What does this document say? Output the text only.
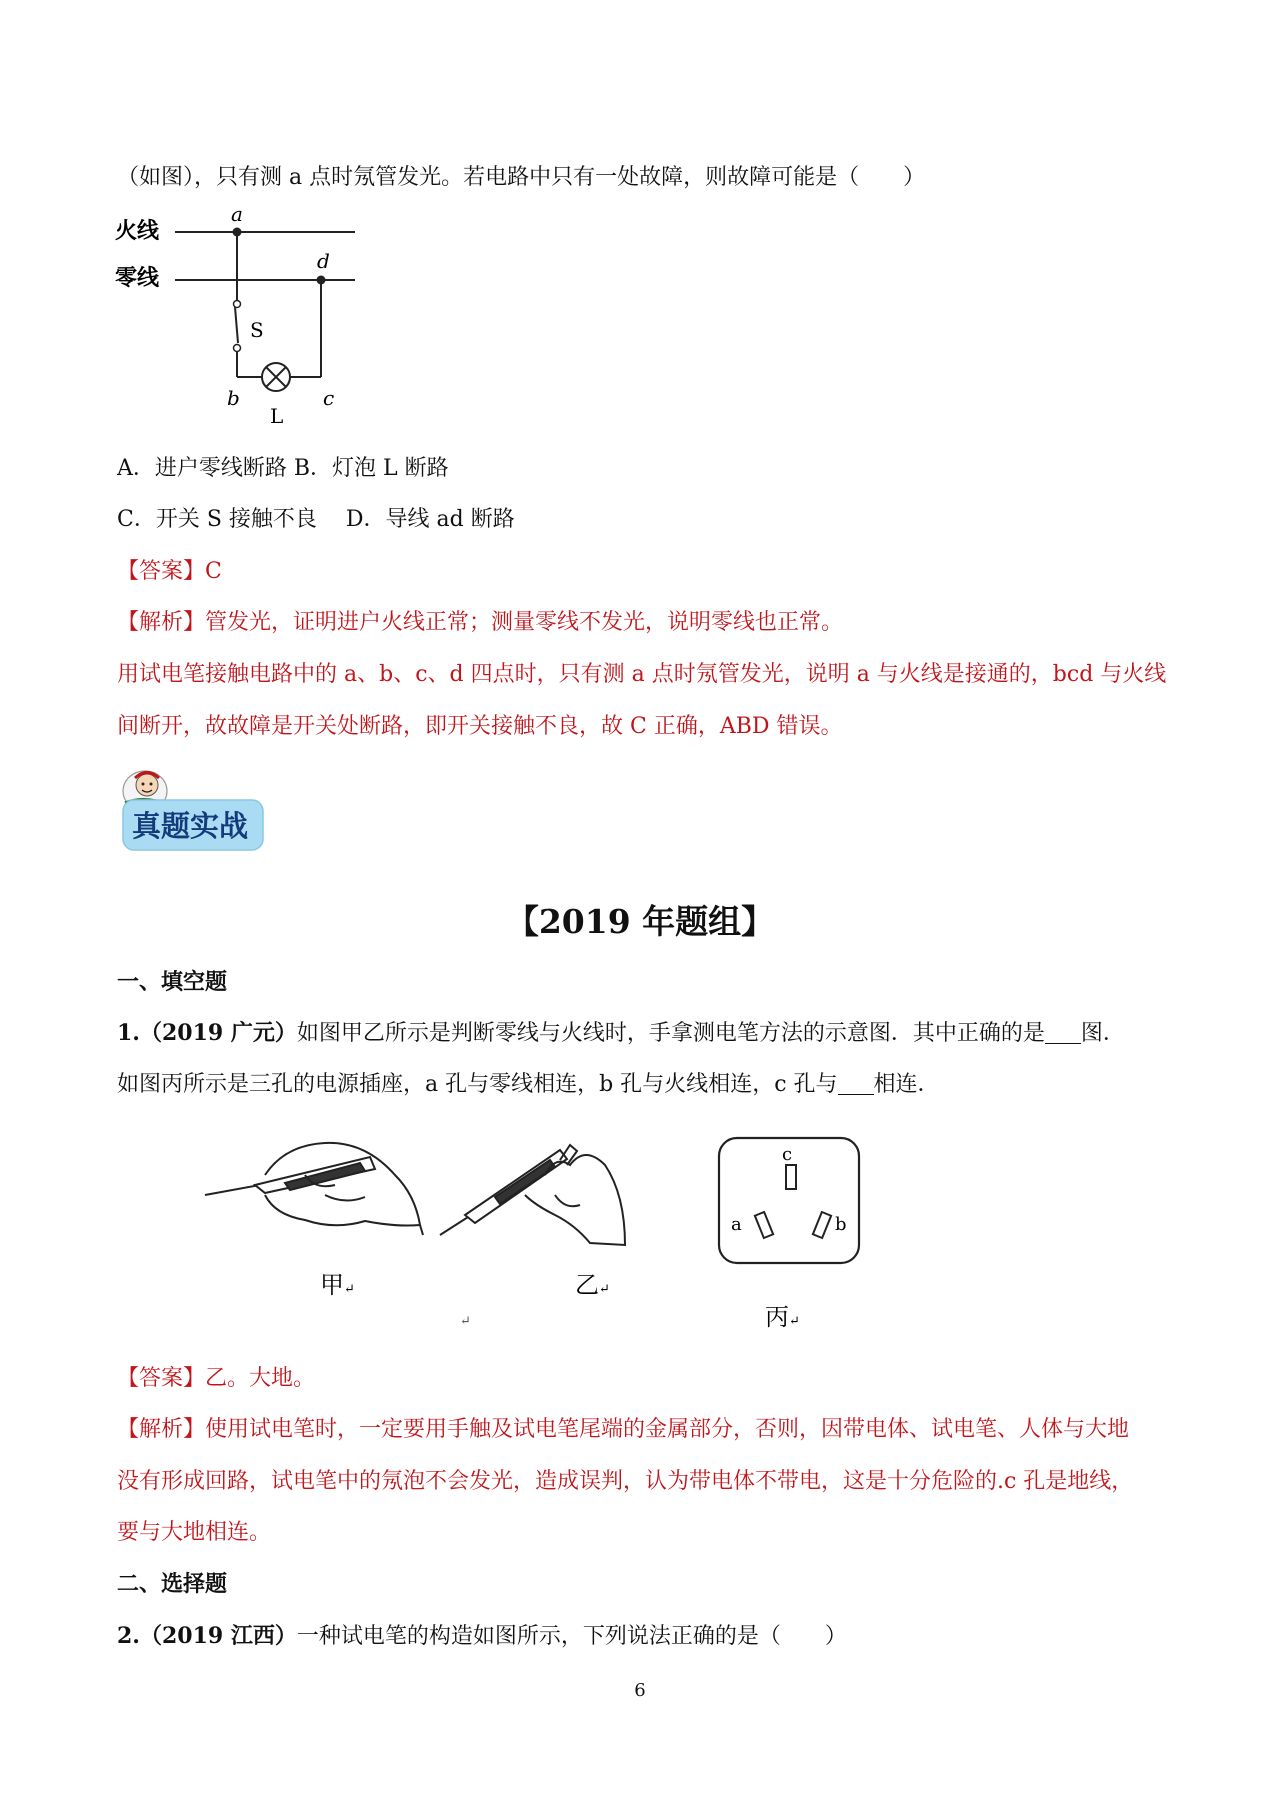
（如图），只有测 a 点时氖管发光。若电路中只有一处故障，则故障可能是（　　）
火线
零线
a
d
S
b	c
L
A．进户零线断路 B．灯泡 L 断路
C．开关 S 接触不良　 D．导线 ad 断路
【答案】C
【解析】管发光，证明进户火线正常；测量零线不发光，说明零线也正常。
用试电笔接触电路中的 a、b、c、d 四点时，只有测 a 点时氖管发光，说明 a 与火线是接通的，bcd 与火线
间断开，故故障是开关处断路，即开关接触不良，故 C 正确，ABD 错误。
真题实战
【2019 年题组】
一、填空题
1.（2019 广元）如图甲乙所示是判断零线与火线时，手拿测电笔方法的示意图．其中正确的是 图．
如图丙所示是三孔的电源插座，a 孔与零线相连，b 孔与火线相连，c 孔与 相连．
甲↵	乙↵
↵
c
a	b
丙↵
【答案】乙。大地。
【解析】使用试电笔时，一定要用手触及试电笔尾端的金属部分，否则，因带电体、试电笔、人体与大地
没有形成回路，试电笔中的氖泡不会发光，造成误判，认为带电体不带电，这是十分危险的.c 孔是地线，
要与大地相连。
二、选择题
2.（2019 江西）一种试电笔的构造如图所示，下列说法正确的是（　　）
6
